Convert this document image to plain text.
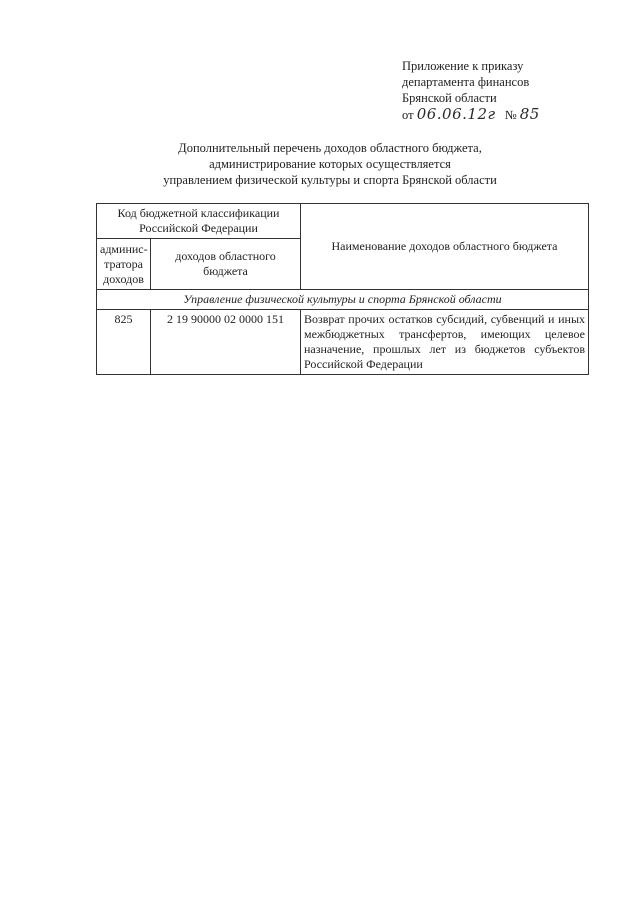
Приложение к приказу
департамента финансов
Брянской области
от 06.06.12г № 85
Дополнительный перечень доходов областного бюджета,
администрирование которых осуществляется
управлением физической культуры и спорта Брянской области
Код бюджетной классификации Российской Федерации		Наименование доходов областного бюджета
админис-тратора доходов	доходов областного бюджета	
Управление физической культуры и спорта Брянской области		
825	2 19 90000 02 0000 151	Возврат прочих остатков субсидий, субвенций и иных межбюджетных трансфертов, имеющих целевое назначение, прошлых лет из бюджетов субъектов Российской Федерации
